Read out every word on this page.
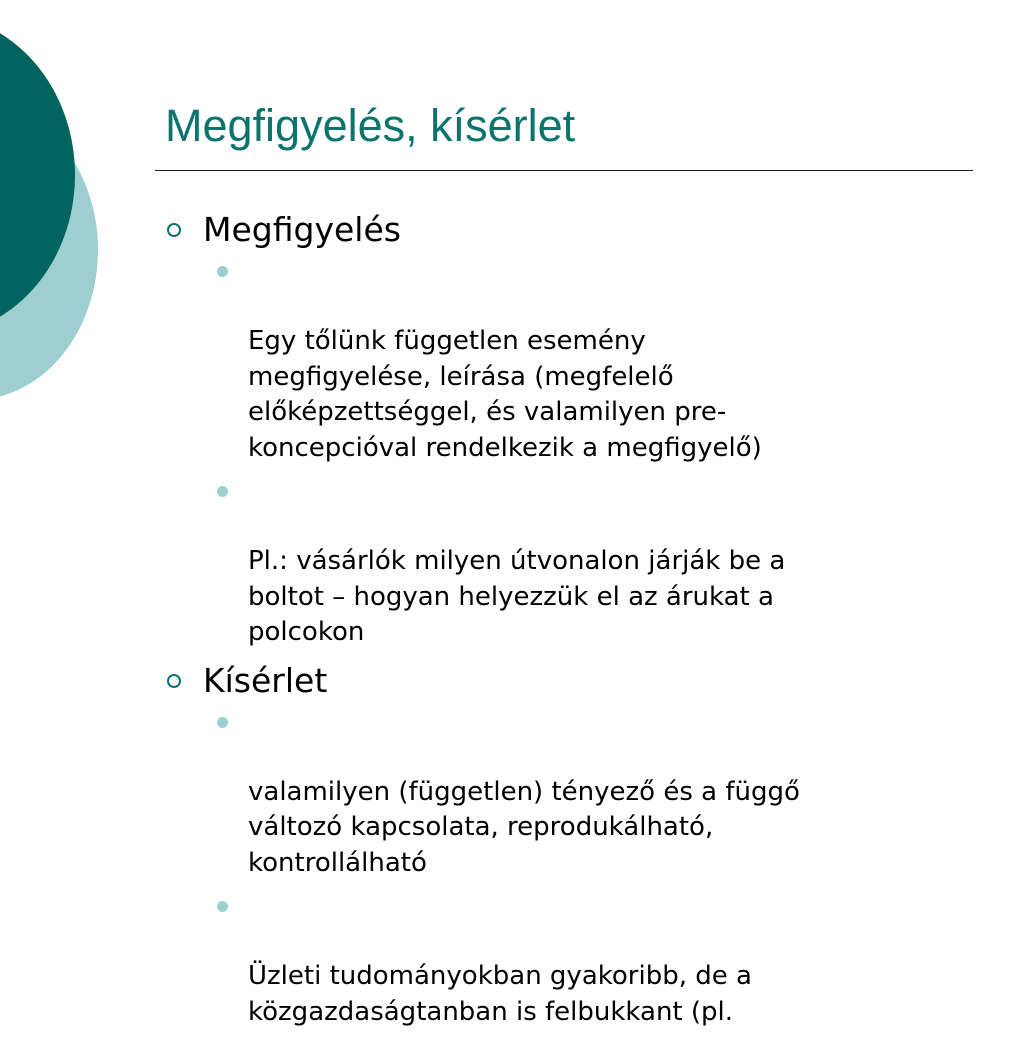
Megfigyelés, kísérlet
Megfigyelés

Egy tőlünk független esemény
megfigyelése, leírása (megfelelő
előképzettséggel, és valamilyen pre-
koncepcióval rendelkezik a megfigyelő)

Pl.: vásárlók milyen útvonalon járják be a
boltot – hogyan helyezzük el az árukat a
polcokon

Kísérlet

valamilyen (független) tényező és a függő
változó kapcsolata, reprodukálható,
kontrollálható

Üzleti tudományokban gyakoribb, de a
közgazdaságtanban is felbukkant (pl.
